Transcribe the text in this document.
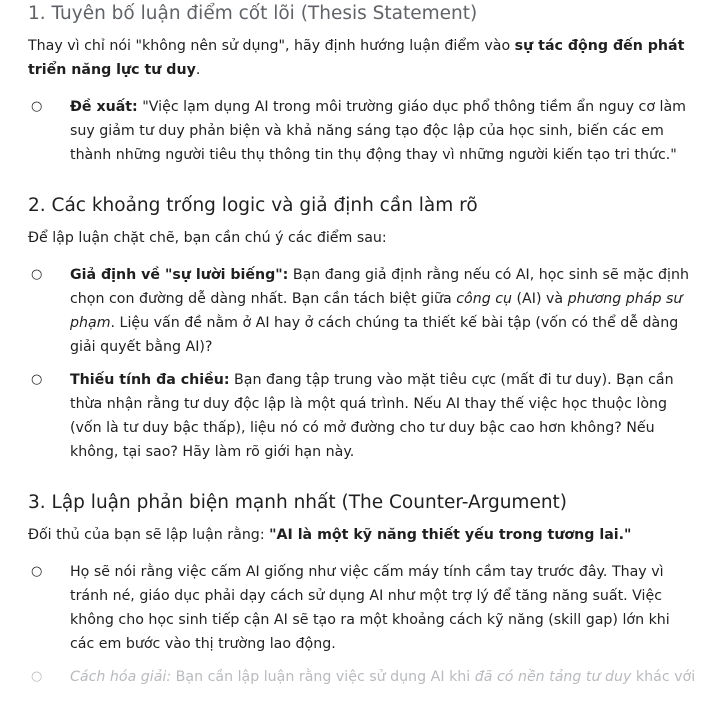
1. Tuyên bố luận điểm cốt lõi (Thesis Statement)

Thay vì chỉ nói "không nên sử dụng", hãy định hướng luận điểm vào sự tác động đến phát triển năng lực tư duy.

○ Đề xuất: "Việc lạm dụng AI trong môi trường giáo dục phổ thông tiềm ẩn nguy cơ làm suy giảm tư duy phản biện và khả năng sáng tạo độc lập của học sinh, biến các em thành những người tiêu thụ thông tin thụ động thay vì những người kiến tạo tri thức."
2. Các khoảng trống logic và giả định cần làm rõ

Để lập luận chặt chẽ, bạn cần chú ý các điểm sau:

○ Giả định về "sự lười biếng": Bạn đang giả định rằng nếu có AI, học sinh sẽ mặc định chọn con đường dễ dàng nhất. Bạn cần tách biệt giữa công cụ (AI) và phương pháp sư phạm. Liệu vấn đề nằm ở AI hay ở cách chúng ta thiết kế bài tập (vốn có thể dễ dàng giải quyết bằng AI)?
○ Thiếu tính đa chiều: Bạn đang tập trung vào mặt tiêu cực (mất đi tư duy). Bạn cần thừa nhận rằng tư duy độc lập là một quá trình. Nếu AI thay thế việc học thuộc lòng (vốn là tư duy bậc thấp), liệu nó có mở đường cho tư duy bậc cao hơn không? Nếu không, tại sao? Hãy làm rõ giới hạn này.
3. Lập luận phản biện mạnh nhất (The Counter-Argument)

Đối thủ của bạn sẽ lập luận rằng: "AI là một kỹ năng thiết yếu trong tương lai."

○ Họ sẽ nói rằng việc cấm AI giống như việc cấm máy tính cầm tay trước đây. Thay vì tránh né, giáo dục phải dạy cách sử dụng AI như một trợ lý để tăng năng suất. Việc không cho học sinh tiếp cận AI sẽ tạo ra một khoảng cách kỹ năng (skill gap) lớn khi các em bước vào thị trường lao động.
○ Cách hóa giải: Bạn cần lập luận rằng việc sử dụng AI khi đã có nền tảng tư duy khác với
